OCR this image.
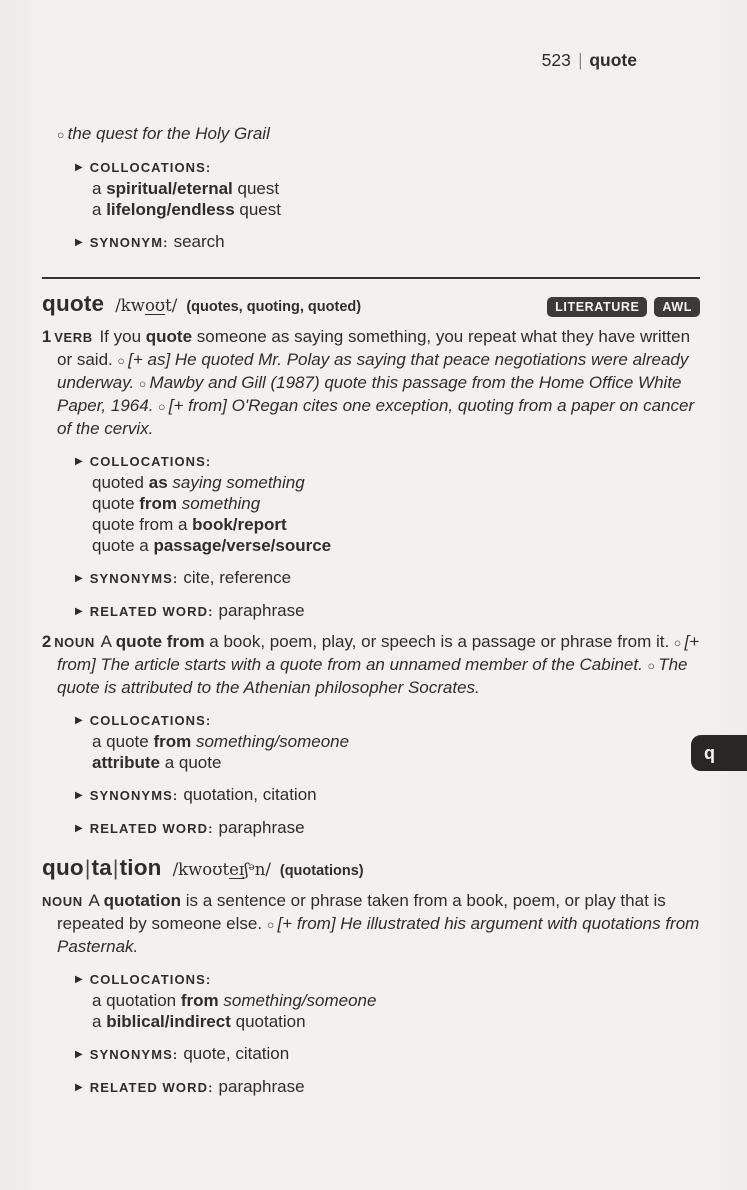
523 | quote
○ the quest for the Holy Grail
▶ COLLOCATIONS:
a spiritual/eternal quest
a lifelong/endless quest
▶ SYNONYM: search
quote /kwoʊt/ (quotes, quoting, quoted)	LITERATURE	AWL
1 VERB If you quote someone as saying something, you repeat what they have written or said. ○ [+ as] He quoted Mr. Polay as saying that peace negotiations were already underway. ○ Mawby and Gill (1987) quote this passage from the Home Office White Paper, 1964. ○ [+ from] O'Regan cites one exception, quoting from a paper on cancer of the cervix.
▶ COLLOCATIONS:
quoted as saying something
quote from something
quote from a book/report
quote a passage/verse/source
▶ SYNONYMS: cite, reference
▶ RELATED WORD: paraphrase
2 NOUN A quote from a book, poem, play, or speech is a passage or phrase from it. ○ [+ from] The article starts with a quote from an unnamed member of the Cabinet. ○ The quote is attributed to the Athenian philosopher Socrates.
▶ COLLOCATIONS:
a quote from something/someone
attribute a quote
▶ SYNONYMS: quotation, citation
▶ RELATED WORD: paraphrase
quo|ta|tion /kwoʊteɪʃ$^ə$n/ (quotations)
NOUN A quotation is a sentence or phrase taken from a book, poem, or play that is repeated by someone else. ○ [+ from] He illustrated his argument with quotations from Pasternak.
▶ COLLOCATIONS:
a quotation from something/someone
a biblical/indirect quotation
▶ SYNONYMS: quote, citation
▶ RELATED WORD: paraphrase
q
